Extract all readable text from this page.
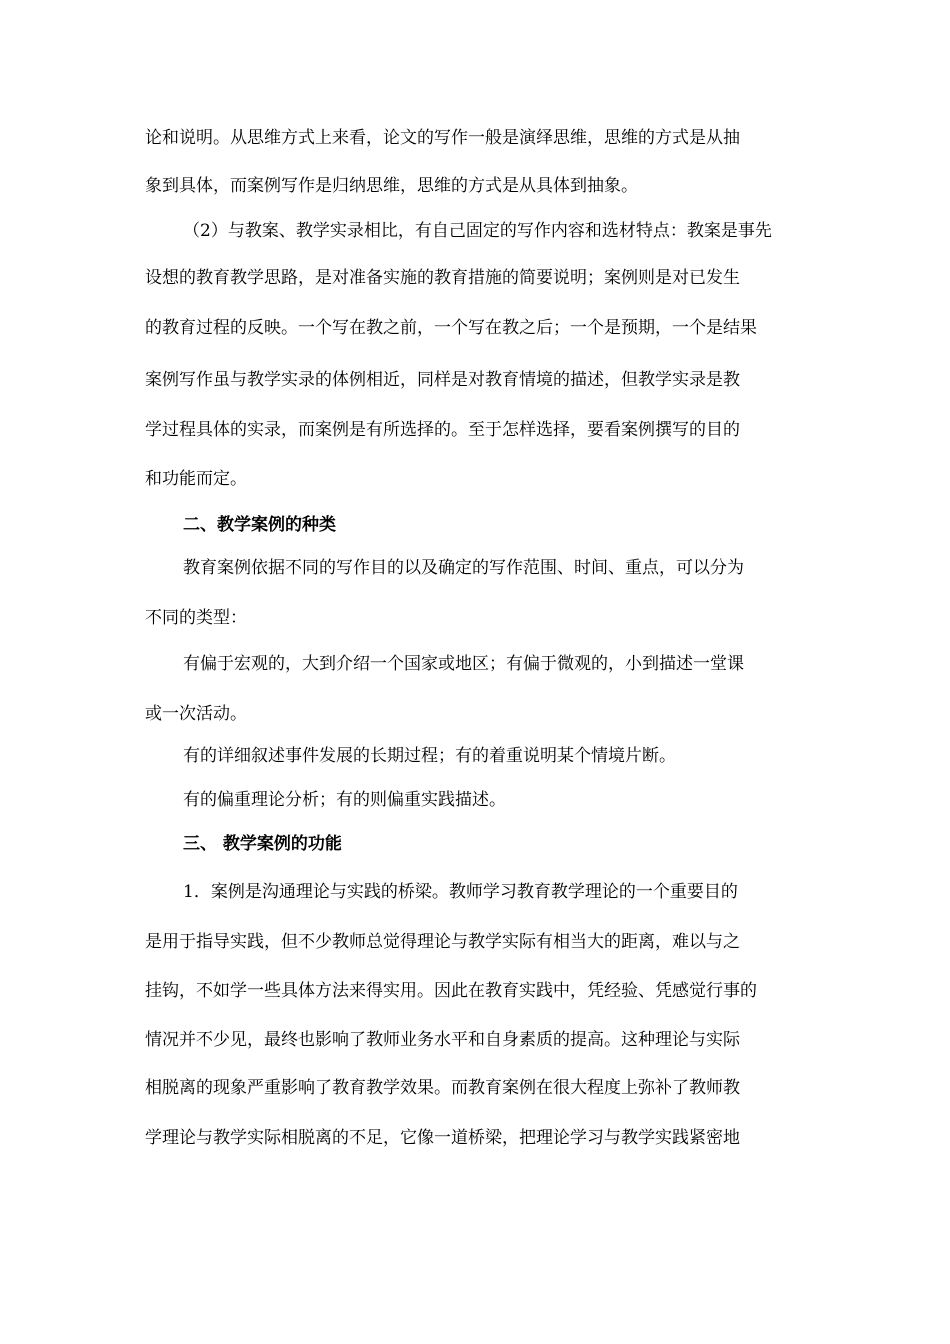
论和说明。从思维方式上来看，论文的写作一般是演绎思维，思维的方式是从抽
象到具体，而案例写作是归纳思维，思维的方式是从具体到抽象。
（2）与教案、教学实录相比，有自己固定的写作内容和选材特点：教案是事先
设想的教育教学思路，是对准备实施的教育措施的简要说明；案例则是对已发生
的教育过程的反映。一个写在教之前，一个写在教之后；一个是预期，一个是结果
案例写作虽与教学实录的体例相近，同样是对教育情境的描述，但教学实录是教
学过程具体的实录，而案例是有所选择的。至于怎样选择，要看案例撰写的目的
和功能而定。
二、教学案例的种类
教育案例依据不同的写作目的以及确定的写作范围、时间、重点，可以分为
不同的类型：
有偏于宏观的，大到介绍一个国家或地区；有偏于微观的，小到描述一堂课
或一次活动。
有的详细叙述事件发展的长期过程；有的着重说明某个情境片断。
有的偏重理论分析；有的则偏重实践描述。
三、 教学案例的功能
1．案例是沟通理论与实践的桥梁。教师学习教育教学理论的一个重要目的
是用于指导实践，但不少教师总觉得理论与教学实际有相当大的距离，难以与之
挂钩，不如学一些具体方法来得实用。因此在教育实践中，凭经验、凭感觉行事的
情况并不少见，最终也影响了教师业务水平和自身素质的提高。这种理论与实际
相脱离的现象严重影响了教育教学效果。而教育案例在很大程度上弥补了教师教
学理论与教学实际相脱离的不足，它像一道桥梁，把理论学习与教学实践紧密地
